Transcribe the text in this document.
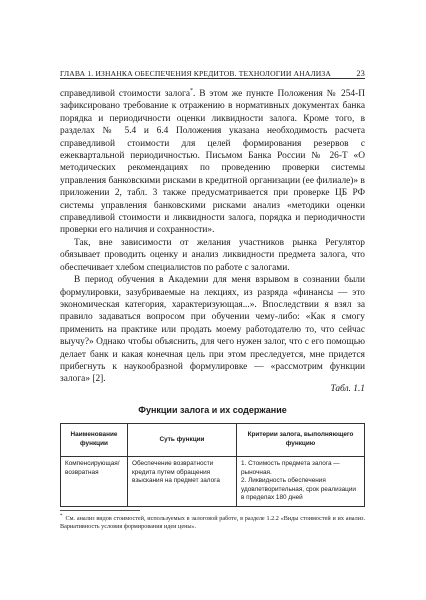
ГЛАВА 1. ИЗНАНКА ОБЕСПЕЧЕНИЯ КРЕДИТОВ. ТЕХНОЛОГИИ АНАЛИЗА	23

справедливой стоимости залога*. В этом же пункте Положения № 254-П зафиксировано требование к отражению в нормативных документах банка порядка и периодичности оценки ликвидности залога. Кроме того, в разделах № 5.4 и 6.4 Положения указана необходимость расчета справедливой стоимости для целей формирования резервов с ежеквартальной периодичностью. Письмом Банка России № 26-Т «О методических рекомендациях по проведению проверки системы управления банковскими рисками в кредитной организации (ее филиале)» в приложении 2, табл. 3 также предусматривается при проверке ЦБ РФ системы управления банковскими рисками анализ «методики оценки справедливой стоимости и ликвидности залога, порядка и периодичности проверки его наличия и сохранности».

Так, вне зависимости от желания участников рынка Регулятор обязывает проводить оценку и анализ ликвидности предмета залога, что обеспечивает хлебом специалистов по работе с залогами.

В период обучения в Академии для меня взрывом в сознании были формулировки, зазубриваемые на лекциях, из разряда «финансы — это экономическая категория, характеризующая...». Впоследствии я взял за правило задаваться вопросом при обучении чему-либо: «Как я смогу применить на практике или продать моему работодателю то, что сейчас выучу?» Однако чтобы объяснить, для чего нужен залог, что с его помощью делает банк и какая конечная цель при этом преследуется, мне придется прибегнуть к наукообразной формулировке — «рассмотрим функции залога» [2].

Табл. 1.1
Функции залога и их содержание
Наименование функции	Суть функции	Критерии залога, выполняющего функцию
Компенсирующая/возвратная	Обеспечение возвратности кредита путем обращения взыскания на предмет залога	1. Стоимость предмета залога — рыночная.
2. Ликвидность обеспечения удовлетворительная, срок реализации в пределах 180 дней
* См. анализ видов стоимостей, используемых в залоговой работе, в разделе 1.2.2 «Виды стоимостей и их анализ. Вариативность условия формирования идеи цены».
